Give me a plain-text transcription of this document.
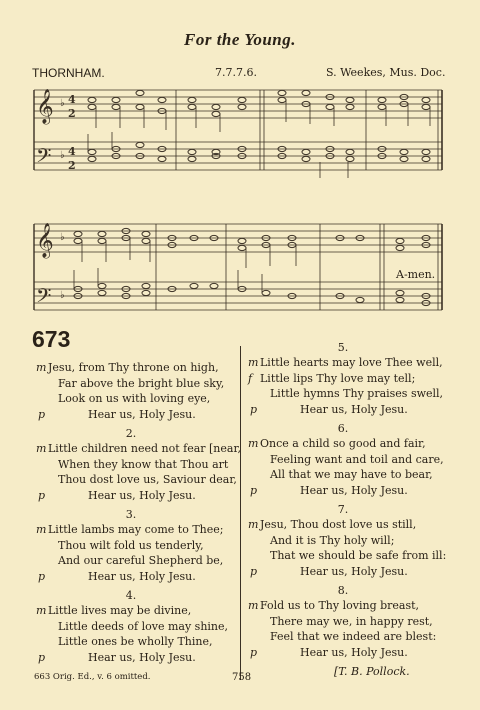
For the Young.
THORNHAM.	7.7.7.6.	S. Weekes, Mus. Doc.
𝄞
𝄢
♭
♭
4
2
4
2
𝄞
𝄢
♭
♭
A-men.
673
m Jesu, from Thy throne on high,
Far above the bright blue sky,
Look on us with loving eye,
p	Hear us, Holy Jesu.
2.
m Little children need not fear [near,
When they know that Thou art
Thou dost love us, Saviour dear,
p	Hear us, Holy Jesu.
3.
m Little lambs may come to Thee;
Thou wilt fold us tenderly,
And our careful Shepherd be,
p	Hear us, Holy Jesu.
4.
m Little lives may be divine,
Little deeds of love may shine,
Little ones be wholly Thine,
p	Hear us, Holy Jesu.
5.
m Little hearts may love Thee well,
f Little lips Thy love may tell;
Little hymns Thy praises swell,
p	Hear us, Holy Jesu.
6.
m Once a child so good and fair,
Feeling want and toil and care,
All that we may have to bear,
p	Hear us, Holy Jesu.
7.
m Jesu, Thou dost love us still,
And it is Thy holy will;
That we should be safe from ill:
p	Hear us, Holy Jesu.
8.
m Fold us to Thy loving breast,
There may we, in happy rest,
Feel that we indeed are blest:
p	Hear us, Holy Jesu.
[T. B. Pollock.
663 Orig. Ed., v. 6 omitted.	758
